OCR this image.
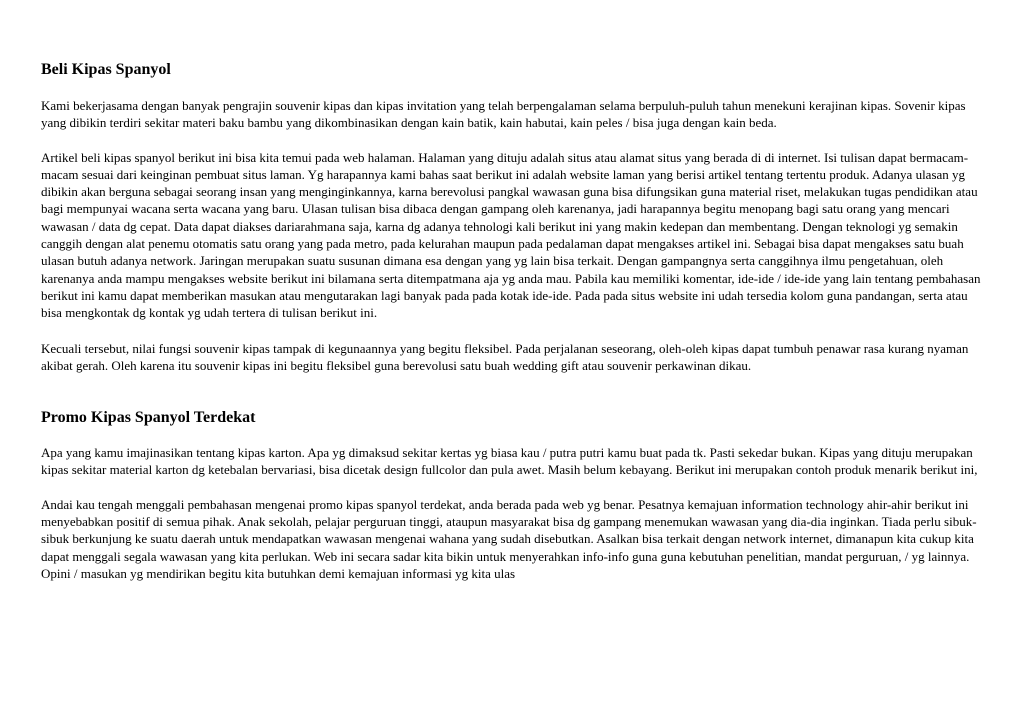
Beli Kipas Spanyol

Kami bekerjasama dengan banyak pengrajin souvenir kipas dan kipas invitation yang telah berpengalaman selama berpuluh-puluh tahun menekuni kerajinan kipas. Sovenir kipas yang dibikin terdiri sekitar materi baku bambu yang dikombinasikan dengan kain batik, kain habutai, kain peles / bisa juga dengan kain beda.

Artikel beli kipas spanyol berikut ini bisa kita temui pada web halaman. Halaman yang dituju adalah situs atau alamat situs yang berada di di internet. Isi tulisan dapat bermacam-macam sesuai dari keinginan pembuat situs laman. Yg harapannya kami bahas saat berikut ini adalah website laman yang berisi artikel tentang tertentu produk. Adanya ulasan yg dibikin akan berguna sebagai seorang insan yang menginginkannya, karna berevolusi pangkal wawasan guna bisa difungsikan guna material riset, melakukan tugas pendidikan atau bagi mempunyai wacana serta wacana yang baru. Ulasan tulisan bisa dibaca dengan gampang oleh karenanya, jadi harapannya begitu menopang bagi satu orang yang mencari wawasan / data dg cepat. Data dapat diakses dariarahmana saja, karna dg adanya tehnologi kali berikut ini yang makin kedepan dan membentang. Dengan teknologi yg semakin canggih dengan alat penemu otomatis satu orang yang pada metro, pada kelurahan maupun pada pedalaman dapat mengakses artikel ini. Sebagai bisa dapat mengakses satu buah ulasan butuh adanya network. Jaringan merupakan suatu susunan dimana esa dengan yang yg lain bisa terkait. Dengan gampangnya serta canggihnya ilmu pengetahuan, oleh karenanya anda mampu mengakses website berikut ini bilamana serta ditempatmana aja yg anda mau. Pabila kau memiliki komentar, ide-ide / ide-ide yang lain tentang pembahasan berikut ini kamu dapat memberikan masukan atau mengutarakan lagi banyak pada pada kotak ide-ide. Pada pada situs website ini udah tersedia kolom guna pandangan, serta atau bisa mengkontak dg kontak yg udah tertera di tulisan berikut ini.

Kecuali tersebut, nilai fungsi souvenir kipas tampak di kegunaannya yang begitu fleksibel. Pada perjalanan seseorang, oleh-oleh kipas dapat tumbuh penawar rasa kurang nyaman akibat gerah. Oleh karena itu souvenir kipas ini begitu fleksibel guna berevolusi satu buah wedding gift atau souvenir perkawinan dikau.

Promo Kipas Spanyol Terdekat

Apa yang kamu imajinasikan tentang kipas karton. Apa yg dimaksud sekitar kertas yg biasa kau / putra putri kamu buat pada tk. Pasti sekedar bukan. Kipas yang dituju merupakan kipas sekitar material karton dg ketebalan bervariasi, bisa dicetak design fullcolor dan pula awet. Masih belum kebayang. Berikut ini merupakan contoh produk menarik berikut ini,

Andai kau tengah menggali pembahasan mengenai promo kipas spanyol terdekat, anda berada pada web yg benar. Pesatnya kemajuan information technology ahir-ahir berikut ini menyebabkan positif di semua pihak. Anak sekolah, pelajar perguruan tinggi, ataupun masyarakat bisa dg gampang menemukan wawasan yang dia-dia inginkan. Tiada perlu sibuk-sibuk berkunjung ke suatu daerah untuk mendapatkan wawasan mengenai wahana yang sudah disebutkan. Asalkan bisa terkait dengan network internet, dimanapun kita cukup kita dapat menggali segala wawasan yang kita perlukan. Web ini secara sadar kita bikin untuk menyerahkan info-info guna guna kebutuhan penelitian, mandat perguruan, / yg lainnya. Opini / masukan yg mendirikan begitu kita butuhkan demi kemajuan informasi yg kita ulas
